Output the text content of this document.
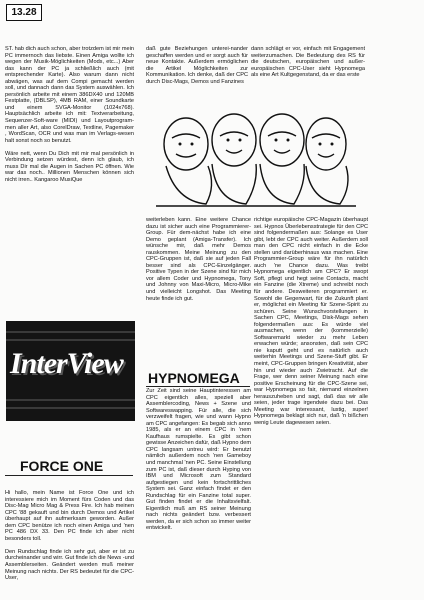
13.28

ST. hab dich auch schon, aber trotzdem ist mir mein PC immernoch das liebste. Einen Amiga wollte ich wegen der Musik-Möglichkeiten (Mods, etc...) Aber das kann der PC ja schließlich auch (mit entsprechender Karte). Also warum dann nicht abwägen, was auf dem Compi gemacht werden soll, und dannach dann das System auswählen. Ich persönlich arbeite mit einem 386DX40 und 120MB Festplatte, (DBLSP), 4MB RAM, einer Soundkarte und einem SVGA-Monitor (1024x768). Hauptsächlich arbeite ich mit: Textverarbeitung, Sequenzer-Soft-ware (MIDI) und Layoutprogram-men aller Art, also CorelDraw, Textline, Pagemaker , WordScan, OCR und was man im Verlags-wesen halt sonst noch so benutzt.

Wäre nett, wenn Du Dich mit mir mal persönlich in Verbindung setzen würdest, denn ich glaub, ich muss Dir mal die Augen in Sachen PC öffnen. Wie war das noch.. Millionen Menschen können sich nicht irren.. Kangaroo MusiQue

InterView
FORCE ONE

Hi hallo, mein Name ist Force One und ich interessiere mich im Moment fürs Coden und das Disc-Mag Micro Mag & Press Fire. Ich hab meinen CPC '88 gekauft und bin durch Demos und Artikel überhaupt auf ihn aufmerksam geworden. Außer dem CPC benütze ich noch einen Amiga und 'nen PC 486 DX 33. Den PC finde ich aber nicht besonders toll.

Den Rundschlag finde ich sehr gut, aber er ist zu durcheinander und wirr. Gut finde ich die News -und Assemblerseiten. Geändert werden muß meiner Meinung nach nichts. Der RS bedeutet für die CPC-User,

daß gute Beziehungen unterei-nander geschaffen werden und er sorgt auch für neue Kontakte. Außerdem ermöglichen die Artikel Möglichkeiten zur Kommunikation. Ich denke, daß der CPC durch Disc-Mags, Demos und Fanzines

dann schlägt er vor, einfach mit Engagement weiterzumachen. Die Bedeutung des RS für die deutschen, europäischen und außer-europäischen CPC-User sieht Hypnomega als eine Art Kultgegenstand, da er das erste

weiterleben kann. Eine weitere Chance dazu ist sicher auch eine Programmierer-Group. Für dem-nächst habe ich eine Demo geplant (Amiga-Transfer). Ich wünsche mir, daß mehr Demos rauskommen. Meine Meinung zu den CPC-Gruppen ist, daß sie auf jeden Fall besser sind als CPC-Einzelgänger. Positive Typen in der Szene sind für mich vor allem Coder und Hypnomega, Tony und Johnny von Maxi-Micro, Micro-Mike und vielleicht Longshot. Das Meeting heute finde ich gut.

HYPNOMEGA

Zur Zeit sind seine Hauptinteressen am CPC eigentlich alles, speziell aber Assemblercoding, News + Szene und Softwareswapping. Für alle, die sich verzweifelt fragen, wie und wann Hypno am CPC angefangen: Es begab sich anno 1985, als er an einem CPC in 'nem Kaufhaus rumspielte. Es gibt schon gewisse Anzeichen dafür, daß Hypno dem CPC langsam untreu wird: Er benutzt nämlich außerdem noch 'nen Gameboy und manchmal 'nen PC. Seine Einstellung zum PC ist, daß dieser durch Hyping von IBM und Microsoft zum Standard aufgestiegen und kein fortschrittliches System sei. Ganz einfach findet er den Rundschlag für ein Fanzine total super. Gut finden findet er die Inhaltsvielfalt. Eigentlich muß am RS seiner Meinung nach nichts geändert bzw. verbessert werden, da er sich schon so immer weiter entwickelt.

richtige europäische CPC-Magazin überhaupt sei. Hypnos Überlebensstrategie für den CPC sind folgendermaßen aus: Solange es User gibt, lebt der CPC auch weiter. Außerdem soll man den CPC nicht einfach in die Ecke stellen und darüberhinaus was machen. Eine Programmier-Group wäre für ihn natürlich auch 'ne Chance dazu. Was treibt Hypnomega eigentlich am CPC? Er swopt Soft, pflegt und hegt seine Contacts, macht ein Fanzine (die Xtreme) und schreibt noch für andere. Desweiteren programmiert er. Sowohl die Gegenwart, für die Zukunft plant er, möglichst ein Meeting für Szene-Spirit zu schüren. Seine Wunschvorstellungen in Sachen CPC, Meetings, Disk-Mags sehen folgendermaßen aus: Es würde viel ausmachen, wenn der (kommerzielle) Softwaremarkt wieder zu mehr Leben erwachen würde; ansonsten, daß sein CPC nie kaputt geht und es natürlich auch weiterhin Meetings und Szene-Stuff gibt. Er meint, CPC-Gruppen bringen Kreativität, aber hin und wieder auch Zwietracht. Auf die Frage, wer denn seiner Meinung nach eine positive Erscheinung für die CPC-Szene sei, war Hypnomega so fair, niemand einzelnen herauszuheben und sagt, daß das wir alle seien, jeder trage irgendwie dazu bei. Das Meeting war interessant, lustig, super! Hypnomega beklagt sich nur, daß 'n bißchen wenig Leute dagewesen seien.
